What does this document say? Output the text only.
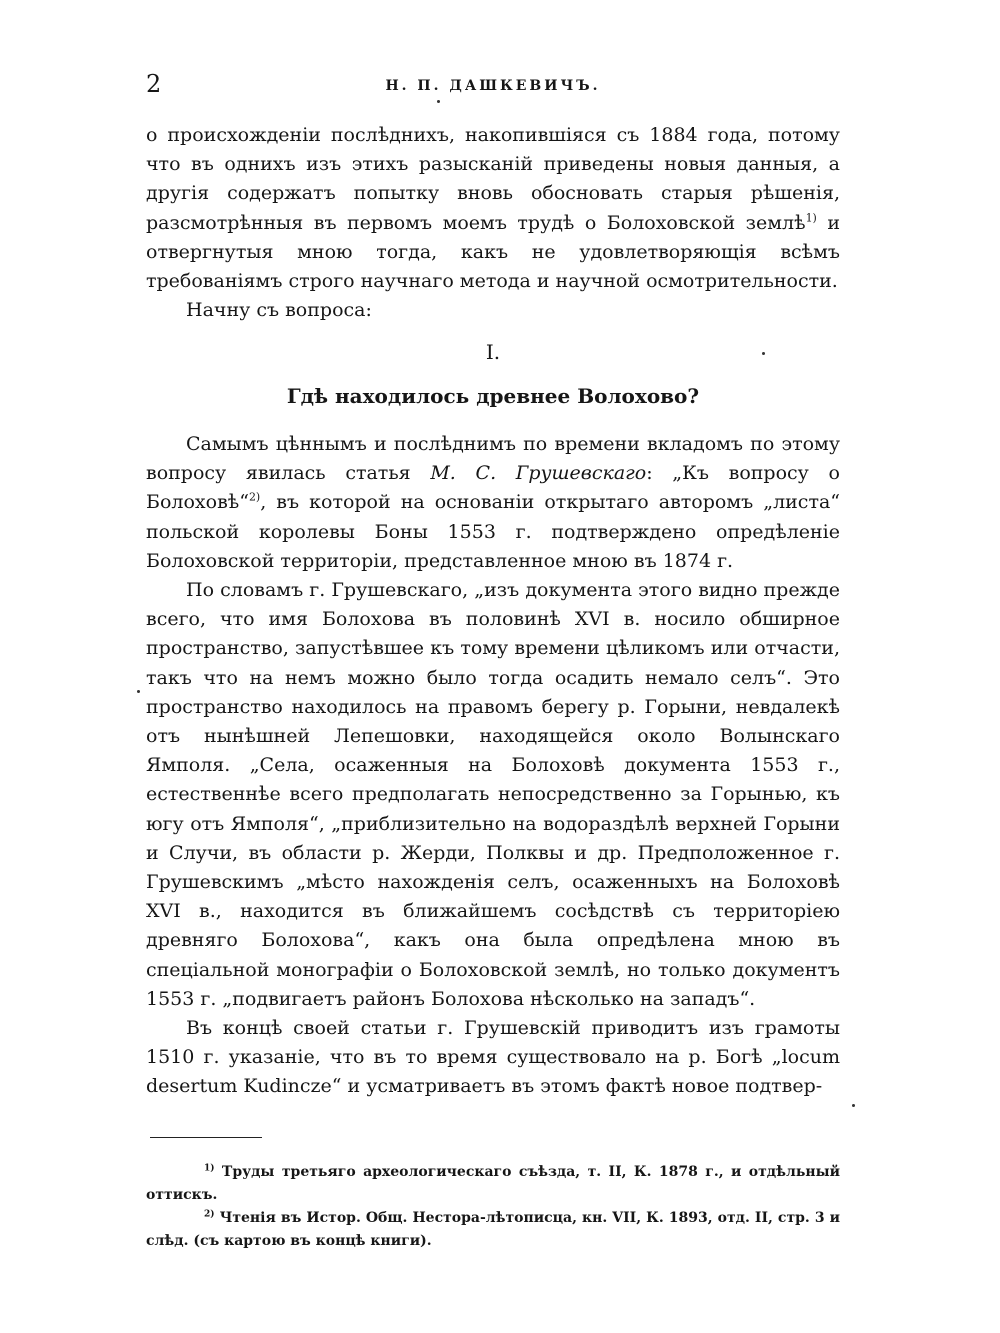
2	Н. П. ДАШКЕВИЧЪ.

о происхожденіи послѣднихъ, накопившіяся съ 1884 года, потому что въ однихъ изъ этихъ разысканій приведены новыя данныя, а другія содержатъ попытку вновь обосновать старыя рѣшенія, разсмотрѣнныя въ первомъ моемъ трудѣ о Болоховской землѣ$^{1)}$ и отвергнутыя мною тогда, какъ не удовлетворяющія всѣмъ требованіямъ строго научнаго метода и научной осмотрительности.

Начну съ вопроса:

I.
Гдѣ находилось древнее Волохово?

Самымъ цѣннымъ и послѣднимъ по времени вкладомъ по этому вопросу явилась статья М. С. Грушевскаго: „Къ вопросу о Болоховѣ“$^{2)}$, въ которой на основаніи открытаго авторомъ „листа“ польской королевы Боны 1553 г. подтверждено опредѣленіе Болоховской территоріи, представленное мною въ 1874 г.

По словамъ г. Грушевскаго, „изъ документа этого видно прежде всего, что имя Болохова въ половинѣ XVI в. носило обширное пространство, запустѣвшее къ тому времени цѣликомъ или отчасти, такъ что на немъ можно было тогда осадить немало селъ“. Это пространство находилось на правомъ берегу р. Горыни, невдалекѣ отъ нынѣшней Лепешовки, находящейся около Волынскаго Ямполя. „Села, осаженныя на Болоховѣ документа 1553 г., естественнѣе всего предполагать непосредственно за Горынью, къ югу отъ Ямполя“, „приблизительно на водораздѣлѣ верхней Горыни и Случи, въ области р. Жерди, Полквы и др. Предположенное г. Грушевскимъ „мѣсто нахожденія селъ, осаженныхъ на Болоховѣ XVI в., находится въ ближайшемъ сосѣдствѣ съ территоріею древняго Болохова“, какъ она была опредѣлена мною въ спеціальной монографіи о Болоховской землѣ, но только документъ 1553 г. „подвигаетъ районъ Болохова нѣсколько на западъ“.

Въ концѣ своей статьи г. Грушевскій приводитъ изъ грамоты 1510 г. указаніе, что въ то время существовало на р. Богѣ „locum desertum Kudincze“ и усматриваетъ въ этомъ фактѣ новое подтвер-

$^{1)}$ Труды третьяго археологическаго съѣзда, т. II, К. 1878 г., и отдѣльный оттискъ.

$^{2)}$ Чтенія въ Истор. Общ. Нестора-лѣтописца, кн. VII, К. 1893, отд. II, стр. 3 и слѣд. (съ картою въ концѣ книги).
